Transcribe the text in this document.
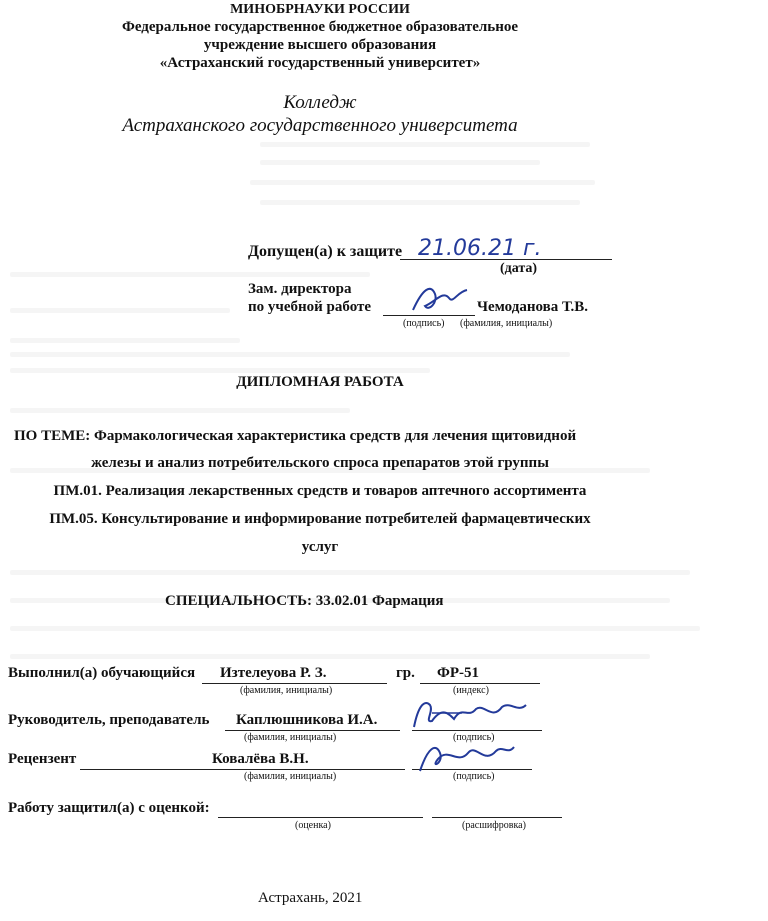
МИНОБРНАУКИ РОССИИ
Федеральное государственное бюджетное образовательное
учреждение высшего образования
«Астраханский государственный университет»
Колледж
Астраханского государственного университета
Допущен(а) к защите 21.06.21 г.
(дата)
Зам. директора
по учебной работе	Чемоданова Т.В.
(подпись) (фамилия, инициалы)
ДИПЛОМНАЯ РАБОТА
ПО ТЕМЕ: Фармакологическая характеристика средств для лечения щитовидной
железы и анализ потребительского спроса препаратов этой группы
ПМ.01. Реализация лекарственных средств и товаров аптечного ассортимента
ПМ.05. Консультирование и информирование потребителей фармацевтических
услуг
СПЕЦИАЛЬНОСТЬ: 33.02.01 Фармация
Выполнил(а) обучающийся Изтелеуова Р. З.	гр. ФР-51
(фамилия, инициалы)	(индекс)
Руководитель, преподаватель Каплюшникова И.А.
(фамилия, инициалы)	(подпись)
Рецензент	Ковалёва В.Н.
(фамилия, инициалы)	(подпись)
Работу защитил(а) с оценкой:
(оценка)	(расшифровка)
Астрахань, 2021
